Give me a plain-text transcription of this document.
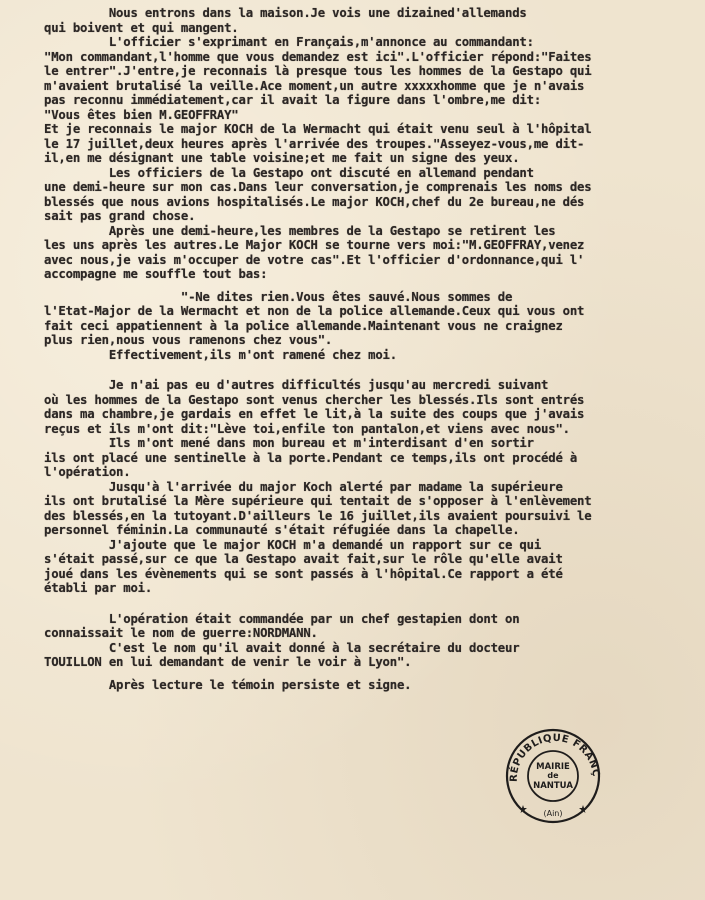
Nous entrons dans la maison.Je vois une dizained'allemands
qui boivent et qui mangent.
L'officier s'exprimant en Français,m'annonce au commandant:
"Mon commandant,l'homme que vous demandez est ici".L'officier répond:"Faites
le entrer".J'entre,je reconnais là presque tous les hommes de la Gestapo qui
m'avaient brutalisé la veille.Ace moment,un autre xxxxxhomme que je n'avais
pas reconnu immédiatement,car il avait la figure dans l'ombre,me dit:
"Vous êtes bien M.GEOFFRAY"
Et je reconnais le major KOCH de la Wermacht qui était venu seul à l'hôpital
le 17 juillet,deux heures après l'arrivée des troupes."Asseyez-vous,me dit-
il,en me désignant une table voisine;et me fait un signe des yeux.
Les officiers de la Gestapo ont discuté en allemand pendant
une demi-heure sur mon cas.Dans leur conversation,je comprenais les noms des
blessés que nous avions hospitalisés.Le major KOCH,chef du 2e bureau,ne dés
sait pas grand chose.
Après une demi-heure,les membres de la Gestapo se retirent les
les uns après les autres.Le Major KOCH se tourne vers moi:"M.GEOFFRAY,venez
avec nous,je vais m'occuper de votre cas".Et l'officier d'ordonnance,qui l'
accompagne me souffle tout bas:
"-Ne dites rien.Vous êtes sauvé.Nous sommes de
l'Etat-Major de la Wermacht et non de la police allemande.Ceux qui vous ont
fait ceci appatiennent à la police allemande.Maintenant vous ne craignez
plus rien,nous vous ramenons chez vous".
Effectivement,ils m'ont ramené chez moi.
Je n'ai pas eu d'autres difficultés jusqu'au mercredi suivant
où les hommes de la Gestapo sont venus chercher les blessés.Ils sont entrés
dans ma chambre,je gardais en effet le lit,à la suite des coups que j'avais
reçus et ils m'ont dit:"Lève toi,enfile ton pantalon,et viens avec nous".
Ils m'ont mené dans mon bureau et m'interdisant d'en sortir
ils ont placé une sentinelle à la porte.Pendant ce temps,ils ont procédé à
l'opération.
Jusqu'à l'arrivée du major Koch alerté par madame la supérieure
ils ont brutalisé la Mère supérieure qui tentait de s'opposer à l'enlèvement
des blessés,en la tutoyant.D'ailleurs le 16 juillet,ils avaient poursuivi le
personnel féminin.La communauté s'était réfugiée dans la chapelle.
J'ajoute que le major KOCH m'a demandé un rapport sur ce qui
s'était passé,sur ce que la Gestapo avait fait,sur le rôle qu'elle avait
joué dans les évènements qui se sont passés à l'hôpital.Ce rapport a été
établi par moi.
L'opération était commandée par un chef gestapien dont on
connaissait le nom de guerre:NORDMANN.
C'est le nom qu'il avait donné à la secrétaire du docteur
TOUILLON en lui demandant de venir le voir à Lyon".
Après lecture le témoin persiste et signe.
RÉPUBLIQUE FRANÇ
MAIRIE
de
NANTUA
(Ain)
